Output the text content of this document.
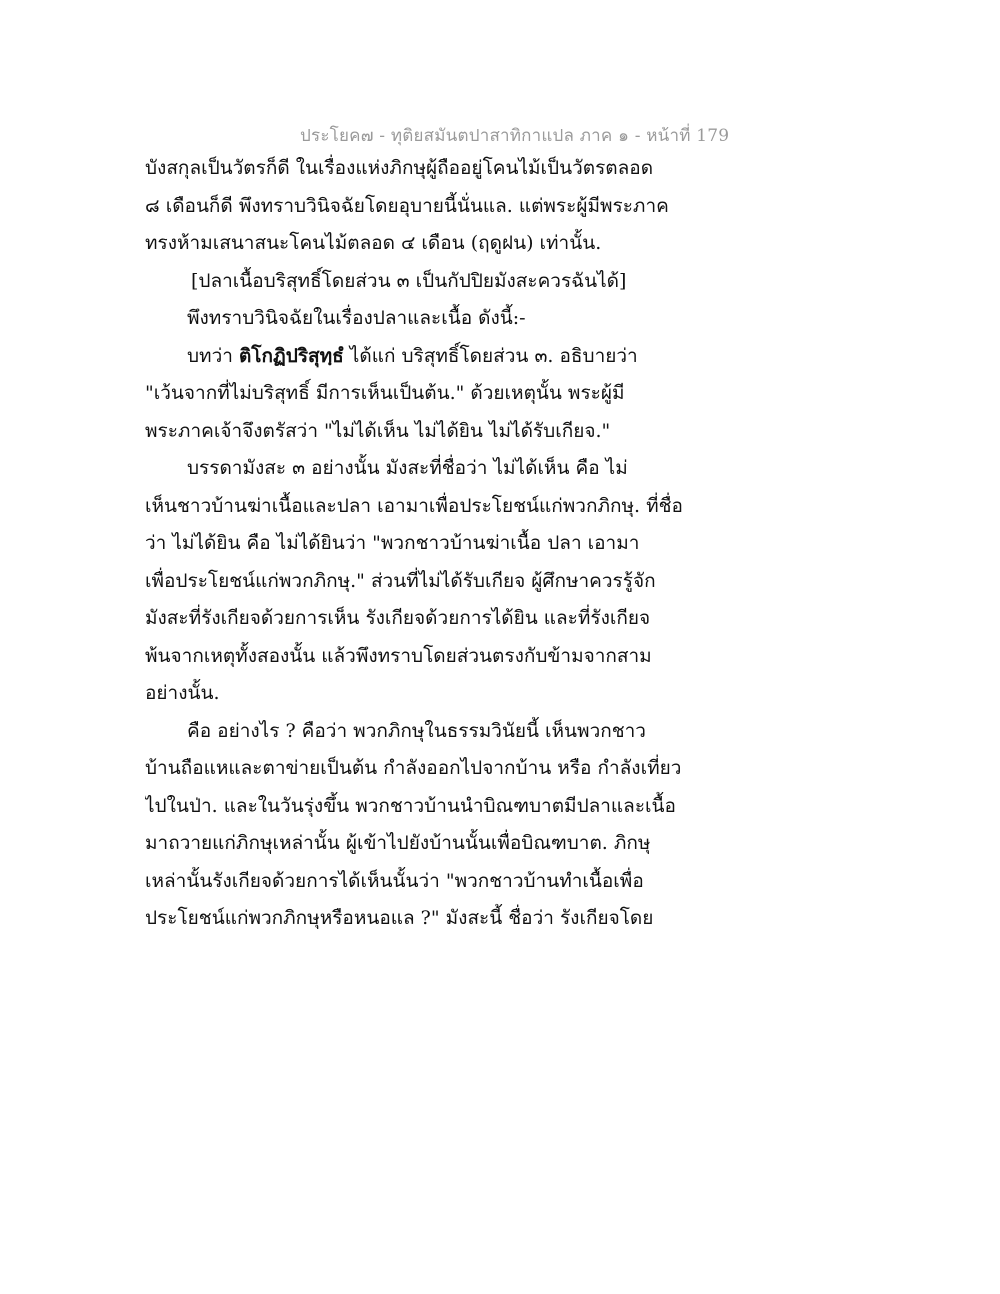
ประโยค๗ - ทุติยสมันตปาสาทิกาแปล ภาค ๑ - หน้าที่ 179
บังสกุลเป็นวัตรก็ดี ในเรื่องแห่งภิกษุผู้ถืออยู่โคนไม้เป็นวัตรตลอด
๘ เดือนก็ดี พึงทราบวินิจฉัยโดยอุบายนี้นั่นแล. แต่พระผู้มีพระภาค
ทรงห้ามเสนาสนะโคนไม้ตลอด ๔ เดือน (ฤดูฝน) เท่านั้น.
[ปลาเนื้อบริสุทธิ์โดยส่วน ๓ เป็นกัปปิยมังสะควรฉันได้]
พึงทราบวินิจฉัยในเรื่องปลาและเนื้อ ดังนี้:-
บทว่า ติโกฏิปริสุทฺธํ ได้แก่ บริสุทธิ์โดยส่วน ๓. อธิบายว่า
"เว้นจากที่ไม่บริสุทธิ์ มีการเห็นเป็นต้น." ด้วยเหตุนั้น พระผู้มี
พระภาคเจ้าจึงตรัสว่า "ไม่ได้เห็น ไม่ได้ยิน ไม่ได้รับเกียจ."
บรรดามังสะ ๓ อย่างนั้น มังสะที่ชื่อว่า ไม่ได้เห็น คือ ไม่
เห็นชาวบ้านฆ่าเนื้อและปลา เอามาเพื่อประโยชน์แก่พวกภิกษุ. ที่ชื่อ
ว่า ไม่ได้ยิน คือ ไม่ได้ยินว่า "พวกชาวบ้านฆ่าเนื้อ ปลา เอามา
เพื่อประโยชน์แก่พวกภิกษุ." ส่วนที่ไม่ได้รับเกียจ ผู้ศึกษาควรรู้จัก
มังสะที่รังเกียจด้วยการเห็น รังเกียจด้วยการได้ยิน และที่รังเกียจ
พ้นจากเหตุทั้งสองนั้น แล้วพึงทราบโดยส่วนตรงกับข้ามจากสาม
อย่างนั้น.
คือ อย่างไร ? คือว่า พวกภิกษุในธรรมวินัยนี้ เห็นพวกชาว
บ้านถือแหและตาข่ายเป็นต้น กำลังออกไปจากบ้าน หรือ กำลังเที่ยว
ไปในป่า. และในวันรุ่งขึ้น พวกชาวบ้านนำบิณฑบาตมีปลาและเนื้อ
มาถวายแก่ภิกษุเหล่านั้น ผู้เข้าไปยังบ้านนั้นเพื่อบิณฑบาต. ภิกษุ
เหล่านั้นรังเกียจด้วยการได้เห็นนั้นว่า "พวกชาวบ้านทำเนื้อเพื่อ
ประโยชน์แก่พวกภิกษุหรือหนอแล ?" มังสะนี้ ชื่อว่า รังเกียจโดย
